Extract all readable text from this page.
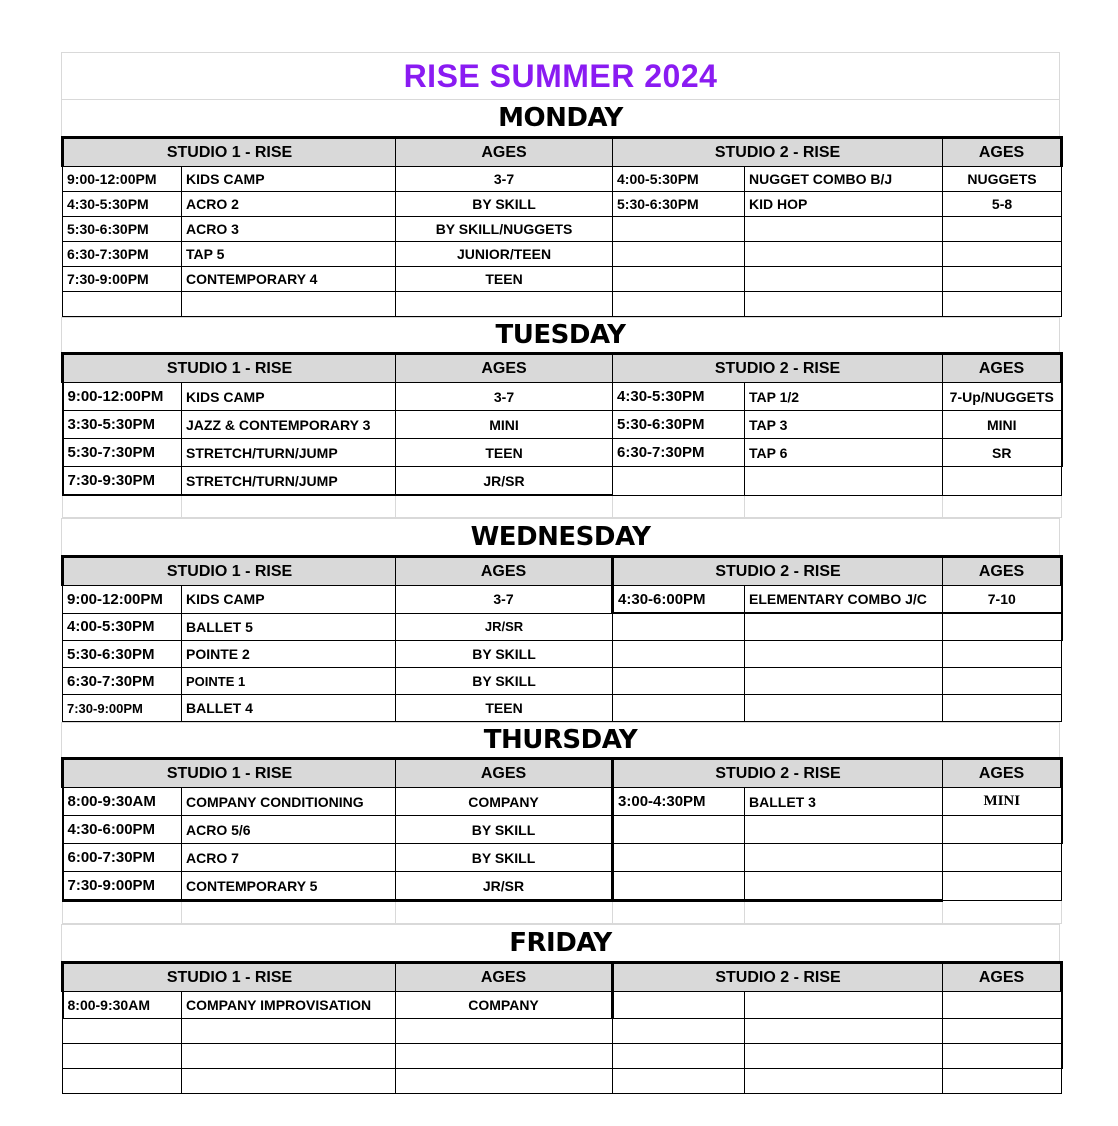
RISE SUMMER 2024
MONDAY
STUDIO 1 - RISE		AGES	STUDIO 2 - RISE		AGES
9:00-12:00PM	KIDS CAMP	3-7	4:00-5:30PM	NUGGET COMBO B/J	NUGGETS
4:30-5:30PM	ACRO 2	BY SKILL	5:30-6:30PM	KID HOP	5-8
5:30-6:30PM	ACRO 3	BY SKILL/NUGGETS			
6:30-7:30PM	TAP 5	JUNIOR/TEEN			
7:30-9:00PM	CONTEMPORARY 4	TEEN			

TUESDAY
STUDIO 1 - RISE		AGES	STUDIO 2 - RISE		AGES
9:00-12:00PM	KIDS CAMP	3-7	4:30-5:30PM	TAP 1/2	7-Up/NUGGETS
3:30-5:30PM	JAZZ & CONTEMPORARY 3	MINI	5:30-6:30PM	TAP 3	MINI
5:30-7:30PM	STRETCH/TURN/JUMP	TEEN	6:30-7:30PM	TAP 6	SR
7:30-9:30PM	STRETCH/TURN/JUMP	JR/SR			

WEDNESDAY
STUDIO 1 - RISE		AGES	STUDIO 2 - RISE		AGES
9:00-12:00PM	KIDS CAMP	3-7	4:30-6:00PM	ELEMENTARY COMBO J/C	7-10
4:00-5:30PM	BALLET 5	JR/SR			
5:30-6:30PM	POINTE 2	BY SKILL			
6:30-7:30PM	POINTE 1	BY SKILL			
7:30-9:00PM	BALLET 4	TEEN			
THURSDAY
STUDIO 1 - RISE		AGES	STUDIO 2 - RISE		AGES
8:00-9:30AM	COMPANY CONDITIONING	COMPANY	3:00-4:30PM	BALLET 3	MINI
4:30-6:00PM	ACRO 5/6	BY SKILL			
6:00-7:30PM	ACRO 7	BY SKILL			
7:30-9:00PM	CONTEMPORARY 5	JR/SR			

FRIDAY
STUDIO 1 - RISE		AGES	STUDIO 2 - RISE		AGES
8:00-9:30AM	COMPANY IMPROVISATION	COMPANY			
